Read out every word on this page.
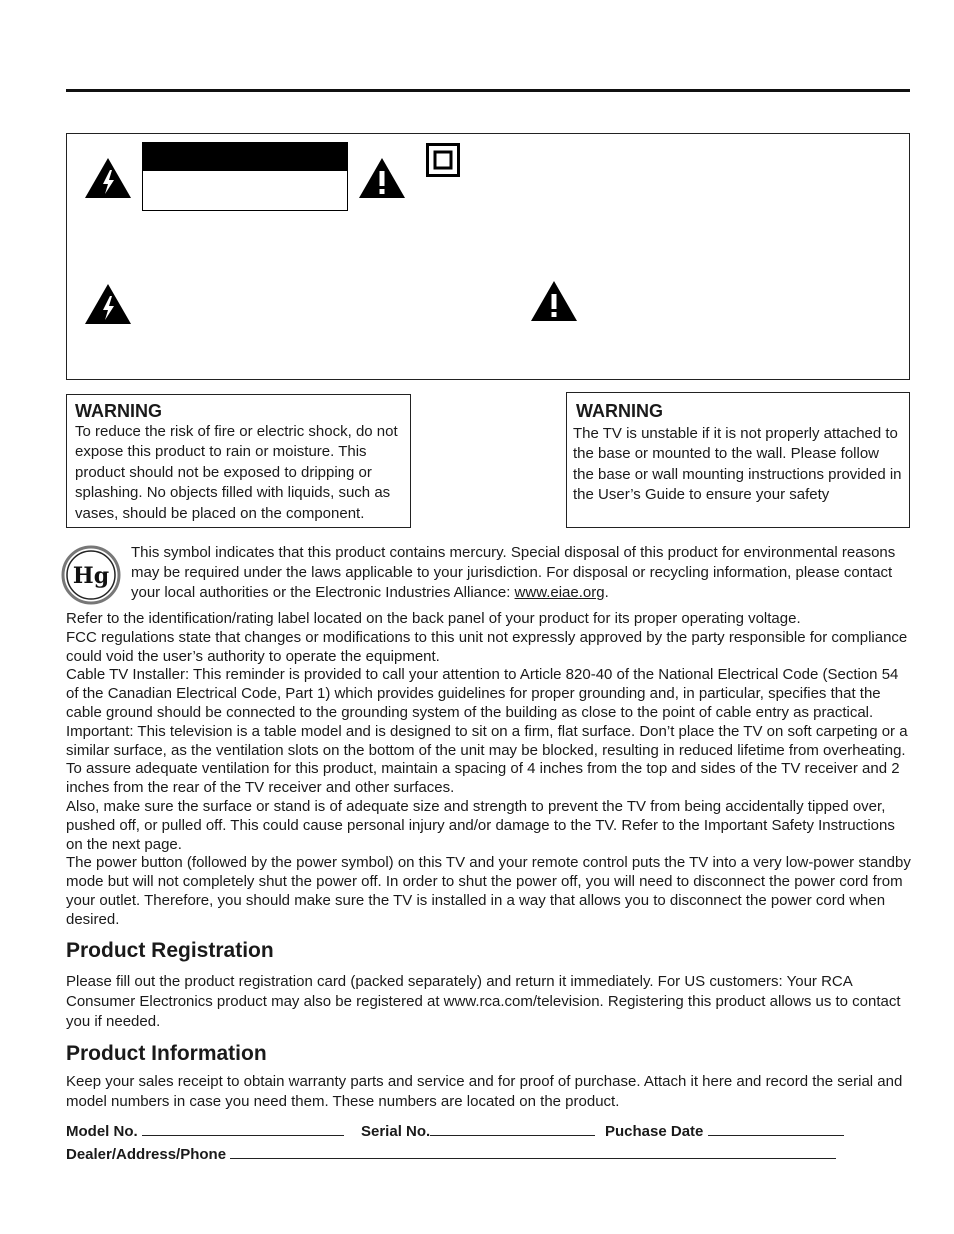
WARNING

To reduce the risk of fire or electric shock, do not expose this product to rain or moisture. This product should not be exposed to dripping or splashing. No objects filled with liquids, such as vases, should be placed on the component.

WARNING

The TV is unstable if it is not properly attached to the base or mounted to the wall. Please follow the base or wall mounting instructions provided in the User’s Guide to ensure your safety

Hg
This symbol indicates that this product contains mercury. Special disposal of this product for environmental reasons may be required under the laws applicable to your jurisdiction. For disposal or recycling information, please contact your local authorities or the Electronic Industries Alliance: www.eiae.org.

Refer to the identification/rating label located on the back panel of your product for its proper operating voltage.

FCC regulations state that changes or modifications to this unit not expressly approved by the party responsible for compliance could void the user’s authority to operate the equipment.

Cable TV Installer: This reminder is provided to call your attention to Article 820-40 of the National Electrical Code (Section 54 of the Canadian Electrical Code, Part 1) which provides guidelines for proper grounding and, in particular, specifies that the cable ground should be connected to the grounding system of the building as close to the point of cable entry as practical.

Important: This television is a table model and is designed to sit on a firm, flat surface. Don’t place the TV on soft carpeting or a similar surface, as the ventilation slots on the bottom of the unit may be blocked, resulting in reduced lifetime from overheating. To assure adequate ventilation for this product, maintain a spacing of 4 inches from the top and sides of the TV receiver and 2 inches from the rear of the TV receiver and other surfaces.

Also, make sure the surface or stand is of adequate size and strength to prevent the TV from being accidentally tipped over, pushed off, or pulled off. This could cause personal injury and/or damage to the TV. Refer to the Important Safety Instructions on the next page.

The power button (followed by the power symbol) on this TV and your remote control puts the TV into a very low-power standby mode but will not completely shut the power off. In order to shut the power off, you will need to disconnect the power cord from your outlet. Therefore, you should make sure the TV is installed in a way that allows you to disconnect the power cord when desired.

Product Registration

Please fill out the product registration card (packed separately) and return it immediately. For US customers: Your RCA Consumer Electronics product may also be registered at www.rca.com/television. Registering this product allows us to contact you if needed.

Product Information

Keep your sales receipt to obtain warranty parts and service and for proof of purchase. Attach it here and record the serial and model numbers in case you need them. These numbers are located on the product.

Model No.	Serial No.	Puchase Date
Dealer/Address/Phone
